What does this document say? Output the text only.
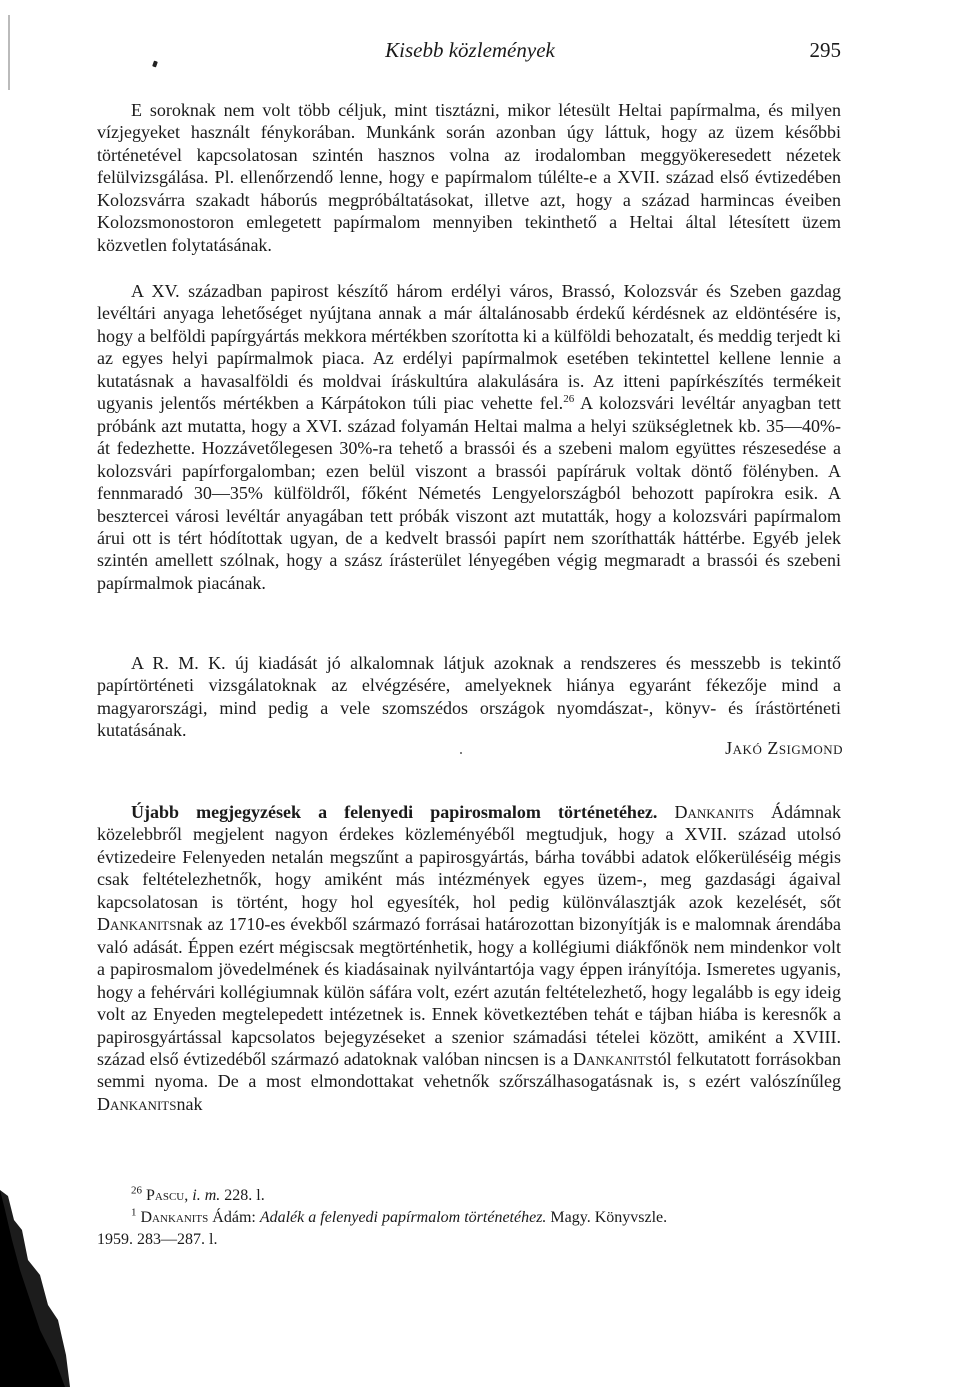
Kisebb közlemények	295

E soroknak nem volt több céljuk, mint tisztázni, mikor létesült Heltai papírmalma, és milyen vízjegyeket használt fénykorában. Munkánk során azonban úgy láttuk, hogy az üzem későbbi történetével kapcsolatosan szintén hasznos volna az irodalomban meggyökeresedett nézetek felülvizsgálása. Pl. ellenőrzendő lenne, hogy e papírmalom túlélte-e a XVII. század első évtizedében Kolozsvárra szakadt háborús megpróbáltatásokat, illetve azt, hogy a század harmincas éveiben Kolozsmonostoron emlegetett papírmalom mennyiben tekinthető a Heltai által létesített üzem közvetlen folytatásának.

A XV. században papirost készítő három erdélyi város, Brassó, Kolozsvár és Szeben gazdag levéltári anyaga lehetőséget nyújtana annak a már általánosabb érdekű kérdésnek az eldöntésére is, hogy a belföldi papírgyártás mekkora mértékben szorította ki a külföldi behozatalt, és meddig terjedt ki az egyes helyi papírmalmok piaca. Az erdélyi papírmalmok esetében tekintettel kellene lennie a kutatásnak a havasalföldi és moldvai íráskultúra alakulására is. Az itteni papírkészítés termékeit ugyanis jelentős mértékben a Kárpátokon túli piac vehette fel.$^{26}$ A kolozsvári levéltár anyagban tett próbánk azt mutatta, hogy a XVI. század folyamán Heltai malma a helyi szükségletnek kb. 35—40%-át fedezhette. Hozzávetőlegesen 30%-ra tehető a brassói és a szebeni malom együttes részesedése a kolozsvári papírforgalomban; ezen belül viszont a brassói papíráruk voltak döntő fölényben. A fennmaradó 30—35% külföldről, főként Németés Lengyelországból behozott papírokra esik. A besztercei városi levéltár anyagában tett próbák viszont azt mutatták, hogy a kolozsvári papírmalom árui ott is tért hódítottak ugyan, de a kedvelt brassói papírt nem szoríthatták háttérbe. Egyéb jelek szintén amellett szólnak, hogy a szász írásterület lényegében végig megmaradt a brassói és szebeni papírmalmok piacának.

A R. M. K. új kiadását jó alkalomnak látjuk azoknak a rendszeres és messzebb is tekintő papírtörténeti vizsgálatoknak az elvégzésére, amelyeknek hiánya egyaránt fékezője mind a magyarországi, mind pedig a vele szomszédos országok nyomdászat-, könyv- és írástörténeti kutatásának.

Jakó Zsigmond

Újabb megjegyzések a felenyedi papirosmalom történetéhez. Dankanits Ádámnak közelebbről megjelent nagyon érdekes közleményéből megtudjuk, hogy a XVII. század utolsó évtizedeire Felenyeden netalán megszűnt a papirosgyártás, bárha további adatok előkerüléséig mégis csak feltételezhetnők, hogy amiként más intézmények egyes üzem-, meg gazdasági ágaival kapcsolatosan is történt, hogy hol egyesíték, hol pedig különválasztják azok kezelését, sőt Dankanitsnak az 1710-es évekből származó forrásai határozottan bizonyítják is e malomnak árendába való adását. Éppen ezért mégiscsak megtörténhetik, hogy a kollégiumi diákfőnök nem mindenkor volt a papirosmalom jövedelmének és kiadásainak nyilvántartója vagy éppen irányítója. Ismeretes ugyanis, hogy a fehérvári kollégiumnak külön sáfára volt, ezért azután feltételezhető, hogy legalább is egy ideig volt az Enyeden megtelepedett intézetnek is. Ennek következtében tehát e tájban hiába is keresnők a papirosgyártással kapcsolatos bejegyzéseket a szenior számadási tételei között, amiként a XVIII. század első évtizedéből származó adatoknak valóban nincsen is a Dankanitstól felkutatott forrásokban semmi nyoma. De a most elmondottakat vehetnők szőrszálhasogatásnak is, s ezért valószínűleg Dankanitsnak

$^{26}$ Pascu, i. m. 228. l.

$^1$ Dankanits Ádám: Adalék a felenyedi papírmalom történetéhez. Magy. Könyvszle.

1959. 283—287. l.
